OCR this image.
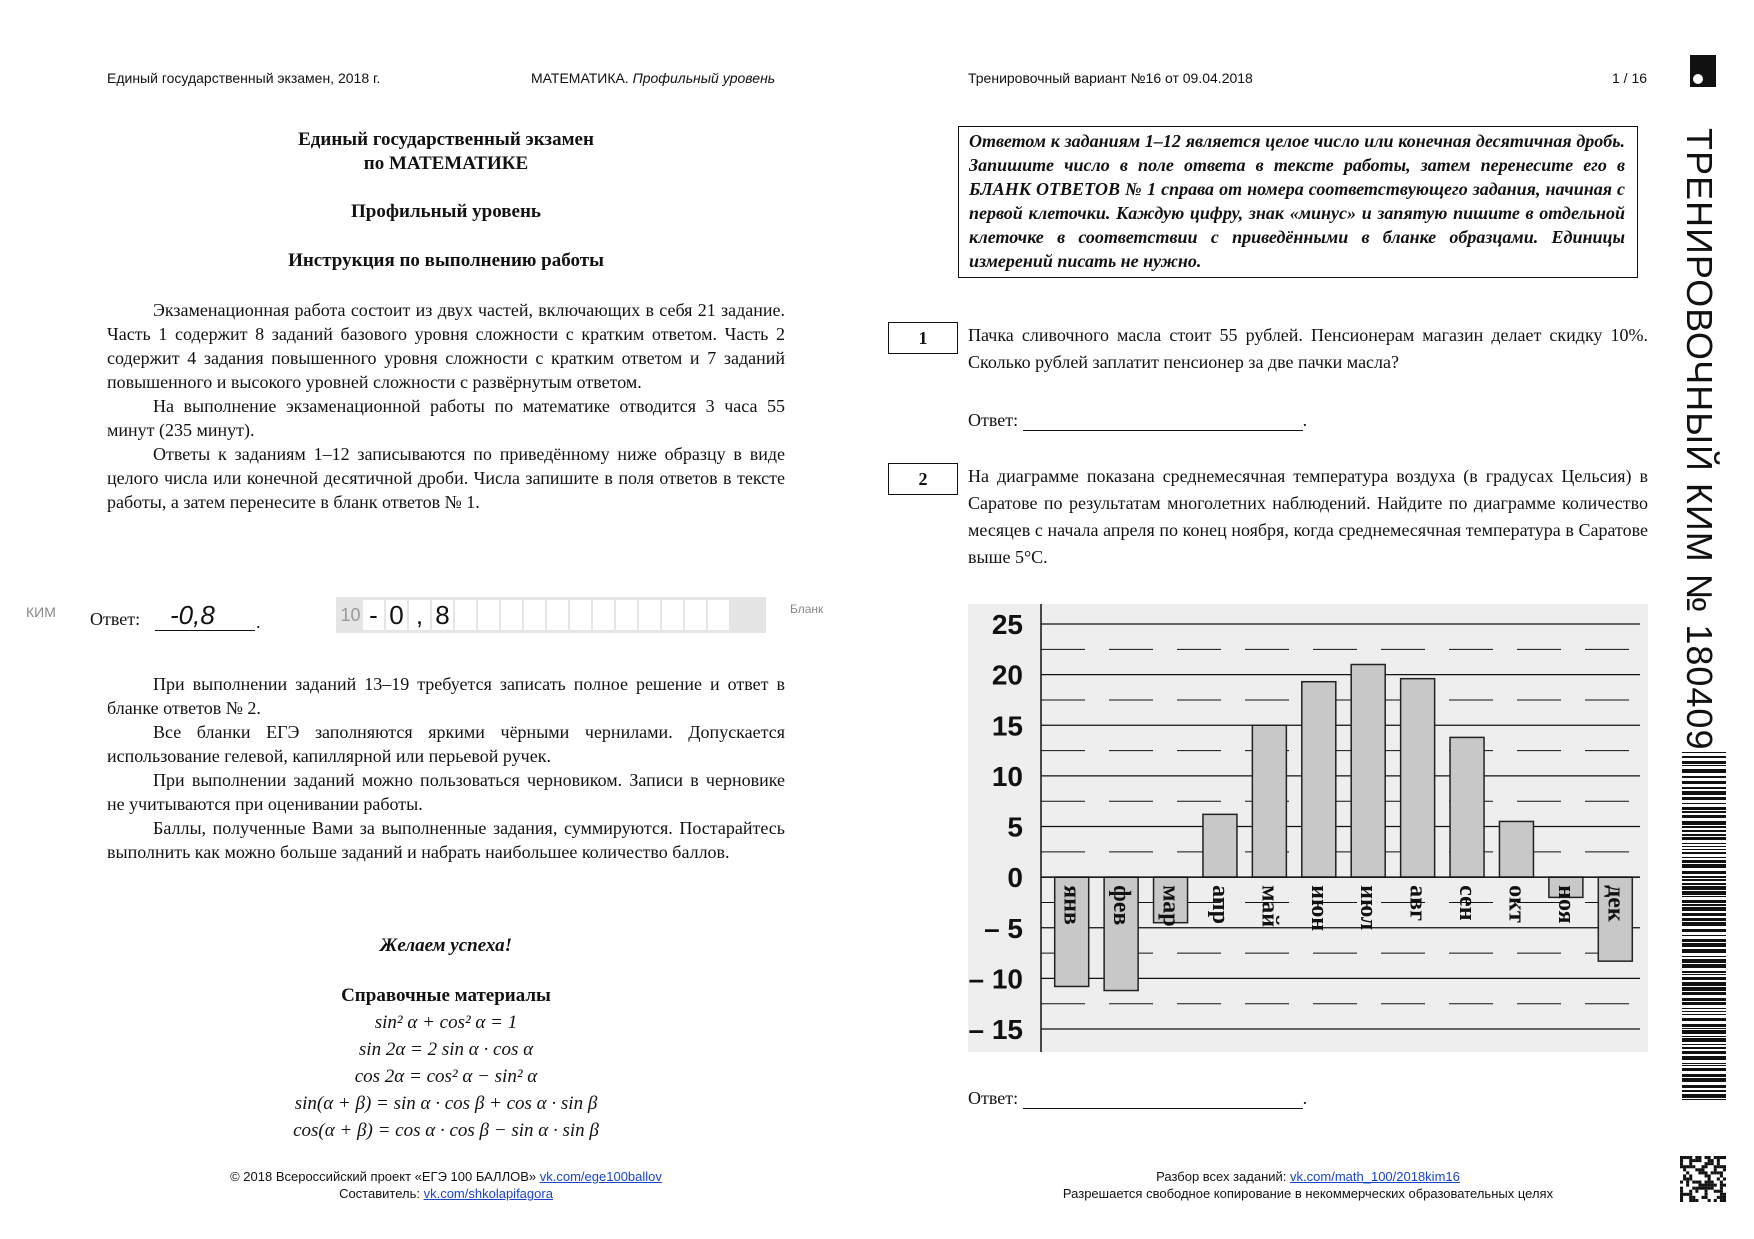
Единый государственный экзамен, 2018 г.	МАТЕМАТИКА. Профильный уровень	Тренировочный вариант №16 от 09.04.2018	1 / 16
Единый государственный экзамен
по МАТЕМАТИКЕ
Профильный уровень
Инструкция по выполнению работы

Экзаменационная работа состоит из двух частей, включающих в себя 21 задание. Часть 1 содержит 8 заданий базового уровня сложности с кратким ответом. Часть 2 содержит 4 задания повышенного уровня сложности с кратким ответом и 7 заданий повышенного и высокого уровней сложности с развёрнутым ответом.

На выполнение экзаменационной работы по математике отводится 3 часа 55 минут (235 минут).

Ответы к заданиям 1–12 записываются по приведённому ниже образцу в виде целого числа или конечной десятичной дроби. Числа запишите в поля ответов в тексте работы, а затем перенесите в бланк ответов № 1.

КИМ Ответ: -0,8 .	10 - 0 , 8	Бланк

При выполнении заданий 13–19 требуется записать полное решение и ответ в бланке ответов № 2.

Все бланки ЕГЭ заполняются яркими чёрными чернилами. Допускается использование гелевой, капиллярной или перьевой ручек.

При выполнении заданий можно пользоваться черновиком. Записи в черновике не учитываются при оценивании работы.

Баллы, полученные Вами за выполненные задания, суммируются. Постарайтесь выполнить как можно больше заданий и набрать наибольшее количество баллов.

Желаем успеха!
Справочные материалы
sin² α + cos² α = 1
sin 2α = 2 sin α · cos α
cos 2α = cos² α − sin² α
sin(α + β) = sin α · cos β + cos α · sin β
cos(α + β) = cos α · cos β − sin α · sin β
Ответом к заданиям 1–12 является целое число или конечная десятичная дробь. Запишите число в поле ответа в тексте работы, затем перенесите его в БЛАНК ОТВЕТОВ № 1 справа от номера соответствующего задания, начиная с первой клеточки. Каждую цифру, знак «минус» и запятую пишите в отдельной клеточке в соответствии с приведёнными в бланке образцами. Единицы измерений писать не нужно.
1	Пачка сливочного масла стоит 55 рублей. Пенсионерам магазин делает скидку 10%. Сколько рублей заплатит пенсионер за две пачки масла?
Ответ:	.
2	На диаграмме показана среднемесячная температура воздуха (в градусах Цельсия) в Саратове по результатам многолетних наблюдений. Найдите по диаграмме количество месяцев с начала апреля по конец ноября, когда среднемесячная температура в Саратове выше 5°С.
25
20
15
10
5
0
– 5
– 10
– 15
янв фев мар апр май июн июл авг сен окт ноя дек
Ответ:	.
© 2018 Всероссийский проект «ЕГЭ 100 БАЛЛОВ» vk.com/ege100ballov
Составитель: vk.com/shkolapifagora
Разбор всех заданий: vk.com/math_100/2018kim16
Разрешается свободное копирование в некоммерческих образовательных целях
ТРЕНИРОВОЧНЫЙ КИМ № 180409
